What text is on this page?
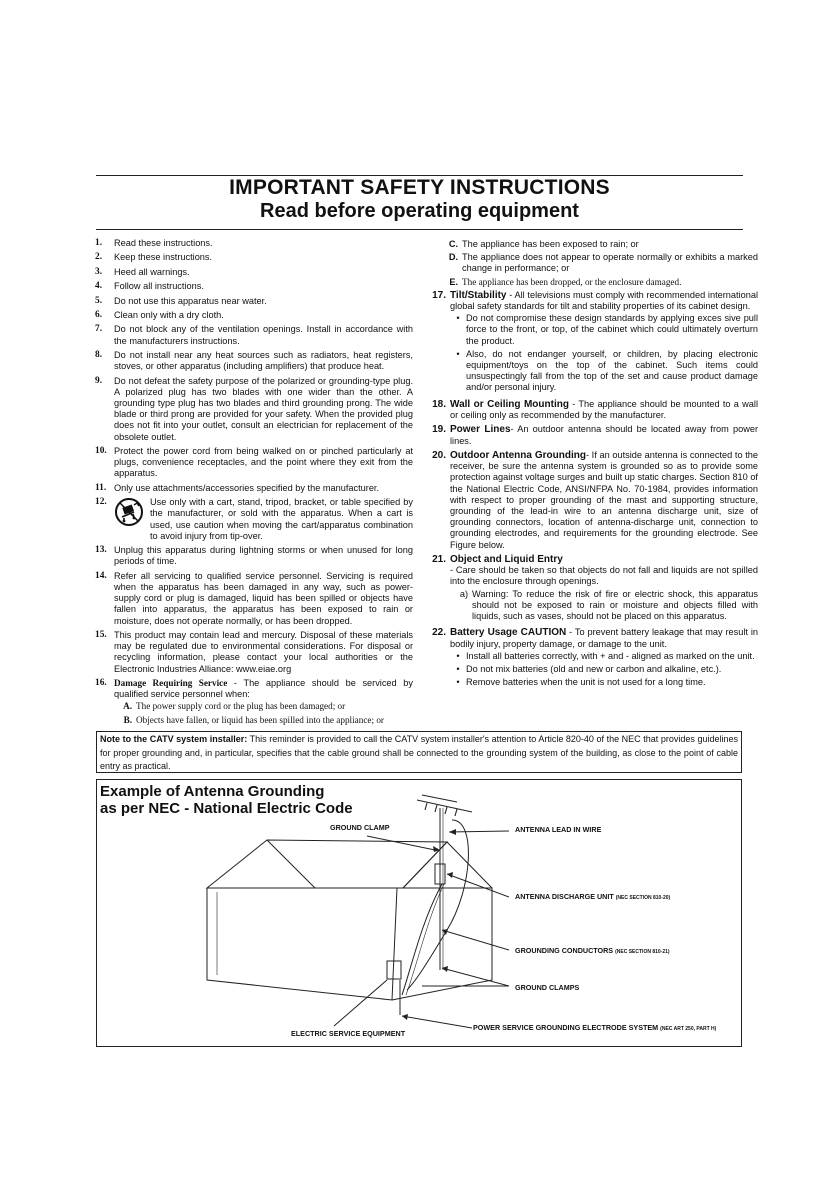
IMPORTANT SAFETY INSTRUCTIONS
Read before operating equipment
1.	Read these instructions.
2.	Keep these instructions.
3.	Heed all warnings.
4.	Follow all instructions.
5.	Do not use this apparatus near water.
6.	Clean only with a dry cloth.
7.	Do not block any of the ventilation openings. Install in accordance with the manufacturers instructions.
8.	Do not install near any heat sources such as radiators, heat registers, stoves, or other apparatus (including amplifiers) that produce heat.
9.	Do not defeat the safety purpose of the polarized or grounding-type plug. A polarized plug has two blades with one wider than the other. A grounding type plug has two blades and third grounding prong. The wide blade or third prong are provided for your safety. When the provided plug does not fit into your outlet, consult an electrician for replacement of the obsolete outlet.
10. Protect the power cord from being walked on or pinched particularly at plugs, convenience receptacles, and the point where they exit from the apparatus.
11. Only use attachments/accessories specified by the manufacturer.
12.	Use only with a cart, stand, tripod, bracket, or table specified by the manufacturer, or sold with the apparatus. When a cart is used, use caution when moving the cart/apparatus combination to avoid injury from tip-over.
13. Unplug this apparatus during lightning storms or when unused for long periods of time.
14. Refer all servicing to qualified service personnel. Servicing is required when the apparatus has been damaged in any way, such as power-supply cord or plug is damaged, liquid has been spilled or objects have fallen into apparatus, the apparatus has been exposed to rain or moisture, does not operate normally, or has been dropped.
15. This product may contain lead and mercury. Disposal of these materials may be regulated due to environmental considerations. For disposal or recycling information, please contact your local authorities or the Electronic Industries Alliance: www.eiae.org
16. Damage Requiring Service - The appliance should be serviced by qualified service personnel when:
A. The power supply cord or the plug has been damaged; or
B. Objects have fallen, or liquid has been spilled into the appliance; or
C. The appliance has been exposed to rain; or
D. The appliance does not appear to operate normally or exhibits a marked change in performance; or
E. The appliance has been dropped, or the enclosure damaged.
17. Tilt/Stability - All televisions must comply with recommended international global safety standards for tilt and stability properties of its cabinet design.
• Do not compromise these design standards by applying exces sive pull force to the front, or top, of the cabinet which could ultimately overturn the product.
• Also, do not endanger yourself, or children, by placing electronic equipment/toys on the top of the cabinet. Such items could unsuspectingly fall from the top of the set and cause product damage and/or personal injury.
18. Wall or Ceiling Mounting - The appliance should be mounted to a wall or ceiling only as recommended by the manufacturer.
19. Power Lines- An outdoor antenna should be located away from power lines.
20. Outdoor Antenna Grounding- If an outside antenna is connected to the receiver, be sure the antenna system is grounded so as to provide some protection against voltage surges and built up static charges. Section 810 of the National Electric Code, ANSI/NFPA No. 70-1984, provides information with respect to proper grounding of the mast and supporting structure, grounding of the lead-in wire to an antenna discharge unit, size of grounding connectors, location of antenna-discharge unit, connection to grounding electrodes, and requirements for the grounding electrode. See Figure below.
21. Object and Liquid Entry
- Care should be taken so that objects do not fall and liquids are not spilled into the enclosure through openings.
a) Warning: To reduce the risk of fire or electric shock, this apparatus should not be exposed to rain or moisture and objects filled with liquids, such as vases, should not be placed on this apparatus.
22. Battery Usage CAUTION - To prevent battery leakage that may result in bodily injury, property damage, or damage to the unit.
• Install all batteries correctly, with + and - aligned as marked on the unit.
• Do not mix batteries (old and new or carbon and alkaline, etc.).
• Remove batteries when the unit is not used for a long time.
Note to the CATV system installer: This reminder is provided to call the CATV system installer's attention to Article 820-40 of the NEC that provides guidelines for proper grounding and, in particular, specifies that the cable ground shall be connected to the grounding system of the building, as close to the point of cable entry as practical.
Example of Antenna Grounding
as per NEC - National Electric Code
GROUND CLAMP	ANTENNA LEAD IN WIRE
ANTENNA DISCHARGE UNIT (NEC SECTION 810-20)
GROUNDING CONDUCTORS (NEC SECTION 810-21)
GROUND CLAMPS
ELECTRIC SERVICE EQUIPMENT
POWER SERVICE GROUNDING ELECTRODE SYSTEM (NEC ART 250, PART H)
